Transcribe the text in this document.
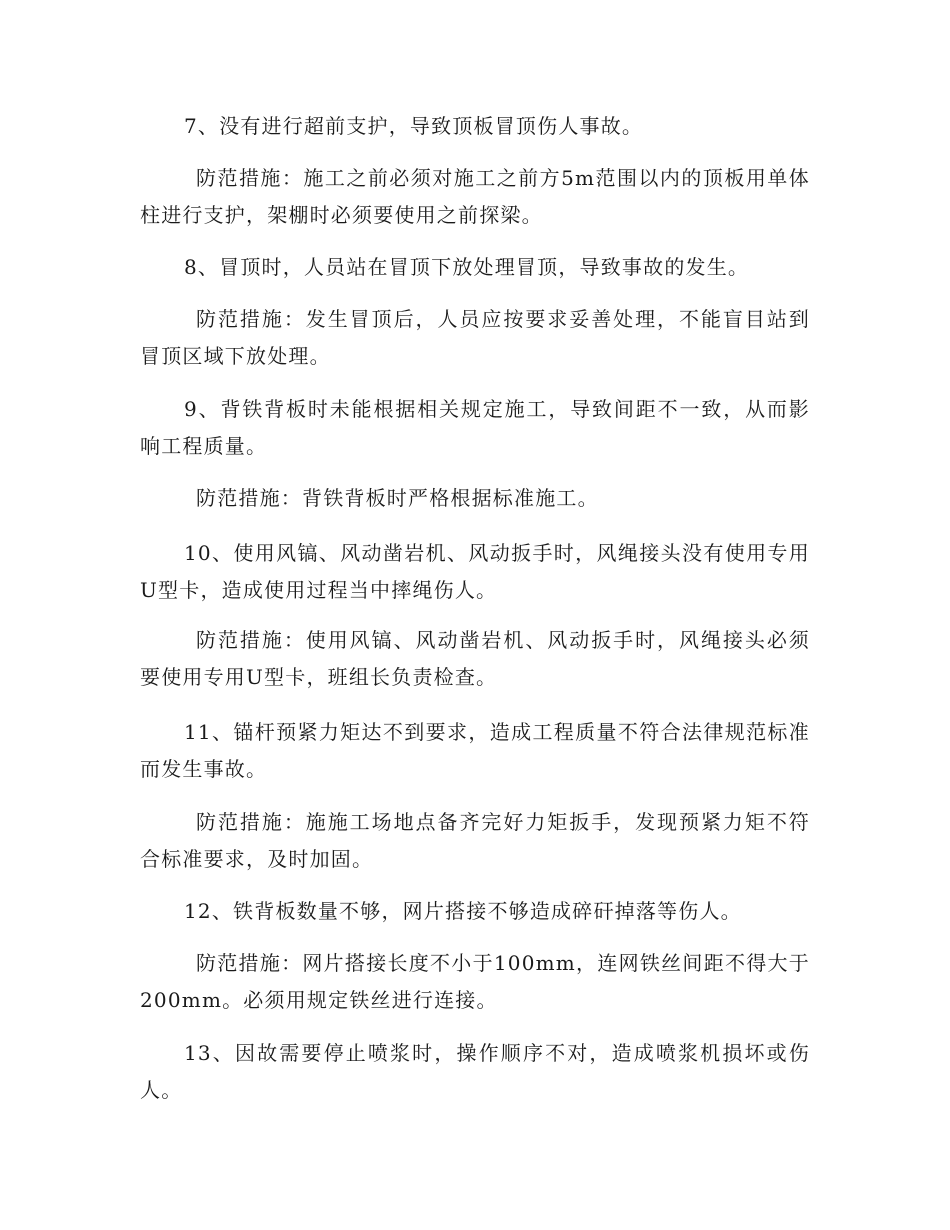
7、没有进行超前支护，导致顶板冒顶伤人事故。

防范措施：施工之前必须对施工之前方5m范围以内的顶板用单体柱进行支护，架棚时必须要使用之前探梁。

8、冒顶时，人员站在冒顶下放处理冒顶，导致事故的发生。

防范措施：发生冒顶后，人员应按要求妥善处理，不能盲目站到冒顶区域下放处理。

9、背铁背板时未能根据相关规定施工，导致间距不一致，从而影响工程质量。

防范措施：背铁背板时严格根据标准施工。

10、使用风镐、风动凿岩机、风动扳手时，风绳接头没有使用专用U型卡，造成使用过程当中摔绳伤人。

防范措施：使用风镐、风动凿岩机、风动扳手时，风绳接头必须要使用专用U型卡，班组长负责检查。

11、锚杆预紧力矩达不到要求，造成工程质量不符合法律规范标准而发生事故。

防范措施：施施工场地点备齐完好力矩扳手，发现预紧力矩不符合标准要求，及时加固。

12、铁背板数量不够，网片搭接不够造成碎矸掉落等伤人。

防范措施：网片搭接长度不小于100mm，连网铁丝间距不得大于200mm。必须用规定铁丝进行连接。

13、因故需要停止喷浆时，操作顺序不对，造成喷浆机损坏或伤人。
